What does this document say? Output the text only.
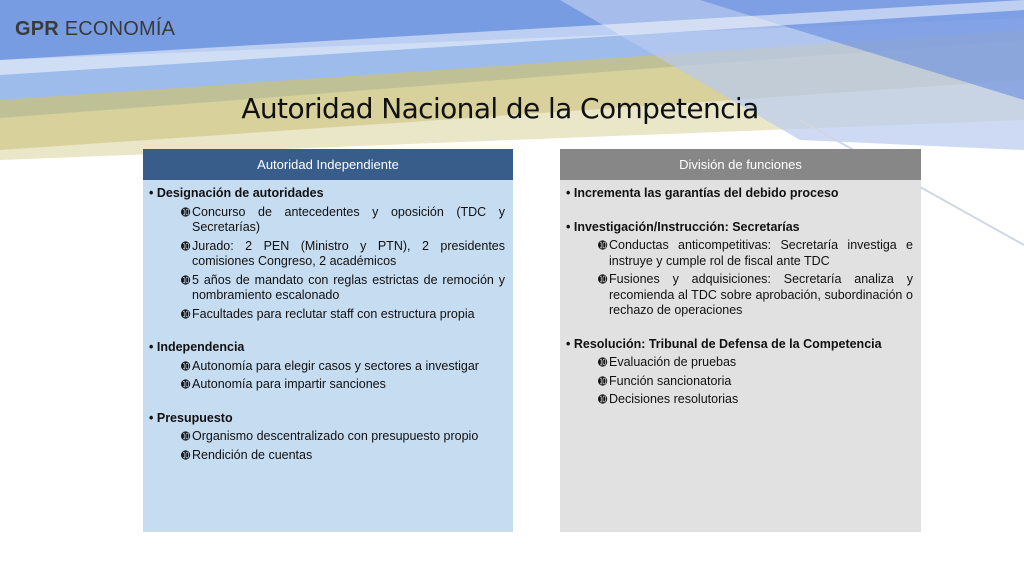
GPR ECONOMÍA
Autoridad Nacional de la Competencia
Autoridad Independiente
• Designación de autoridades
➓ Concurso de antecedentes y oposición (TDC y Secretarías)
➓ Jurado: 2 PEN (Ministro y PTN), 2 presidentes comisiones Congreso, 2 académicos
➓ 5 años de mandato con reglas estrictas de remoción y nombramiento escalonado
➓ Facultades para reclutar staff con estructura propia
• Independencia
➓ Autonomía para elegir casos y sectores a investigar
➓ Autonomía para impartir sanciones
• Presupuesto
➓ Organismo descentralizado con presupuesto propio
➓ Rendición de cuentas
División de funciones
• Incrementa las garantías del debido proceso
• Investigación/Instrucción: Secretarías
➓ Conductas anticompetitivas: Secretaría investiga e instruye y cumple rol de fiscal ante TDC
➓ Fusiones y adquisiciones: Secretaría analiza y recomienda al TDC sobre aprobación, subordinación o rechazo de operaciones
• Resolución: Tribunal de Defensa de la Competencia
➓ Evaluación de pruebas
➓ Función sancionatoria
➓ Decisiones resolutorias
